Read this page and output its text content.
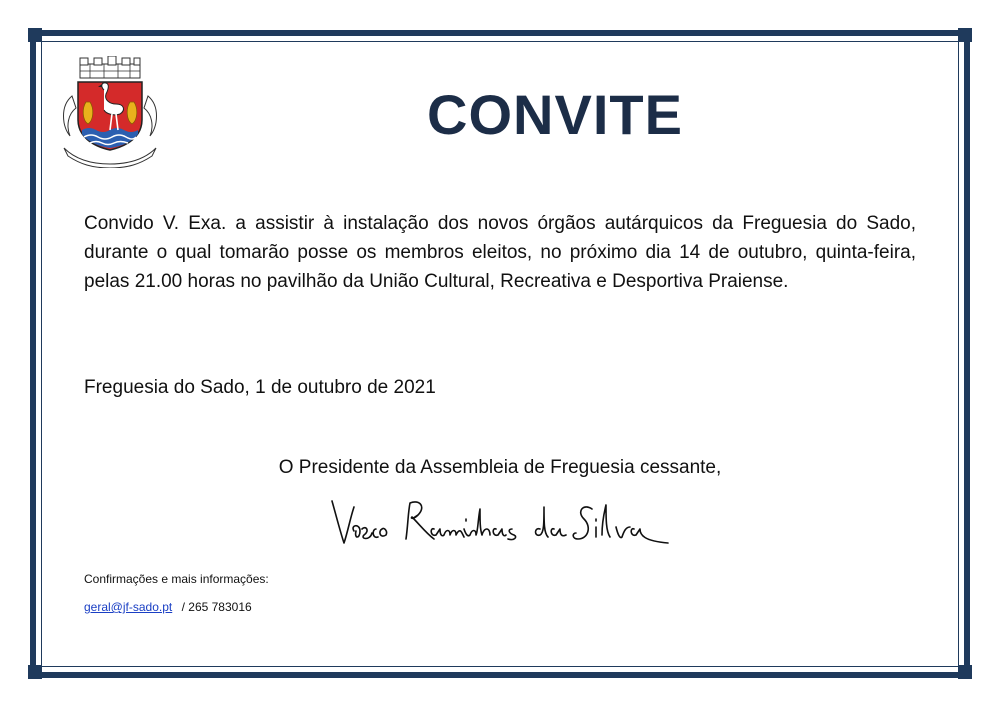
CONVITE

Convido V. Exa. a assistir à instalação dos novos órgãos autárquicos da Freguesia do Sado, durante o qual tomarão posse os membros eleitos, no próximo dia 14 de outubro, quinta-feira, pelas 21.00 horas no pavilhão da União Cultural, Recreativa e Desportiva Praiense.

Freguesia do Sado, 1 de outubro de 2021

O Presidente da Assembleia de Freguesia cessante,

Confirmações e mais informações:

geral@jf-sado.pt / 265 783016
